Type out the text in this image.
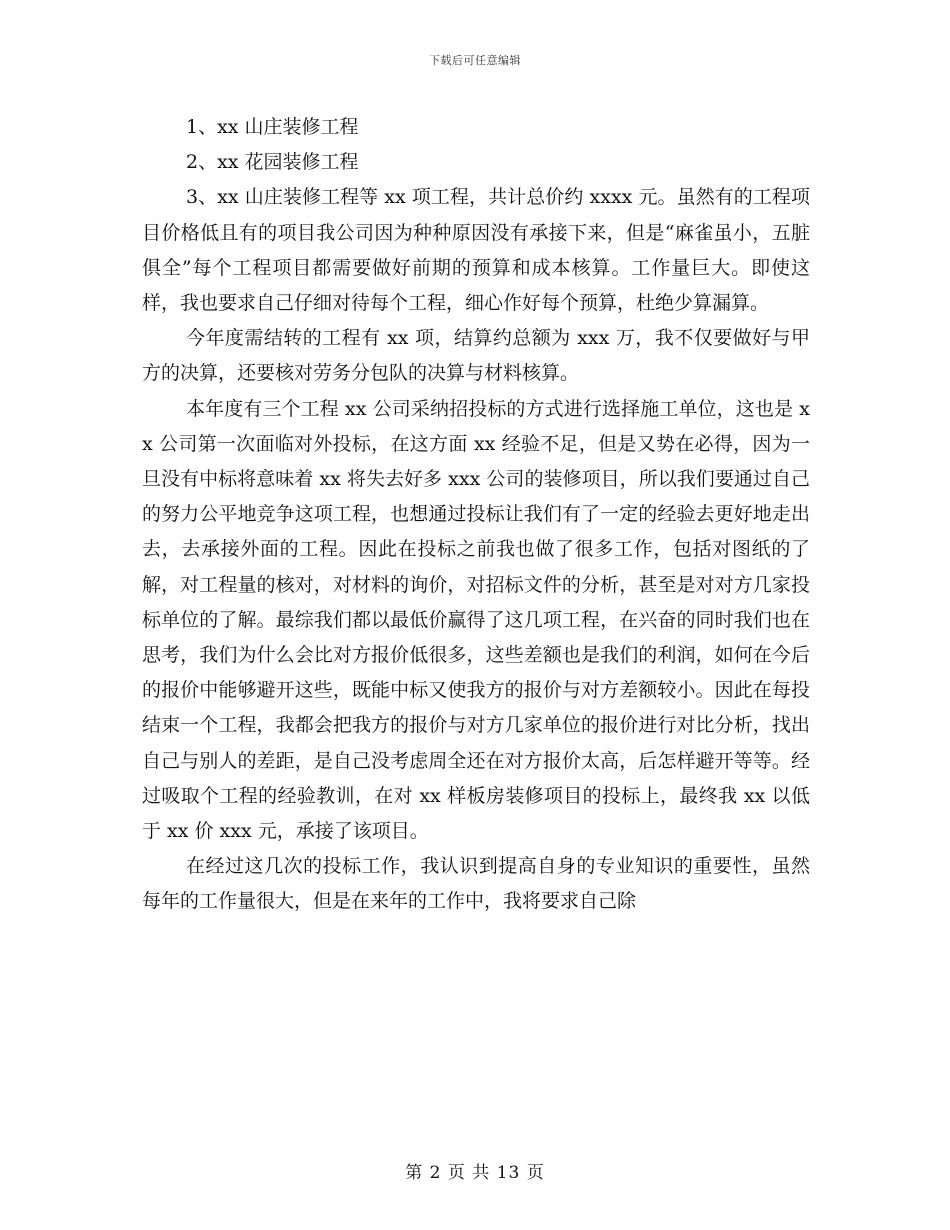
下载后可任意编辑

1、xx 山庄装修工程

2、xx 花园装修工程

3、xx 山庄装修工程等 xx 项工程，共计总价约 xxxx 元。虽然有的工程项目价格低且有的项目我公司因为种种原因没有承接下来，但是“麻雀虽小，五脏俱全”每个工程项目都需要做好前期的预算和成本核算。工作量巨大。即使这样，我也要求自己仔细对待每个工程，细心作好每个预算，杜绝少算漏算。

今年度需结转的工程有 xx 项，结算约总额为 xxx 万，我不仅要做好与甲方的决算，还要核对劳务分包队的决算与材料核算。

本年度有三个工程 xx 公司采纳招投标的方式进行选择施工单位，这也是 xx 公司第一次面临对外投标，在这方面 xx 经验不足，但是又势在必得，因为一旦没有中标将意味着 xx 将失去好多 xxx 公司的装修项目，所以我们要通过自己的努力公平地竞争这项工程，也想通过投标让我们有了一定的经验去更好地走出去，去承接外面的工程。因此在投标之前我也做了很多工作，包括对图纸的了解，对工程量的核对，对材料的询价，对招标文件的分析，甚至是对对方几家投标单位的了解。最综我们都以最低价赢得了这几项工程，在兴奋的同时我们也在思考，我们为什么会比对方报价低很多，这些差额也是我们的利润，如何在今后的报价中能够避开这些，既能中标又使我方的报价与对方差额较小。因此在每投结束一个工程，我都会把我方的报价与对方几家单位的报价进行对比分析，找出自己与别人的差距，是自己没考虑周全还在对方报价太高，后怎样避开等等。经过吸取个工程的经验教训，在对 xx 样板房装修项目的投标上，最终我 xx 以低于 xx 价 xxx 元，承接了该项目。

在经过这几次的投标工作，我认识到提高自身的专业知识的重要性，虽然每年的工作量很大，但是在来年的工作中，我将要求自己除

第 2 页 共 13 页
